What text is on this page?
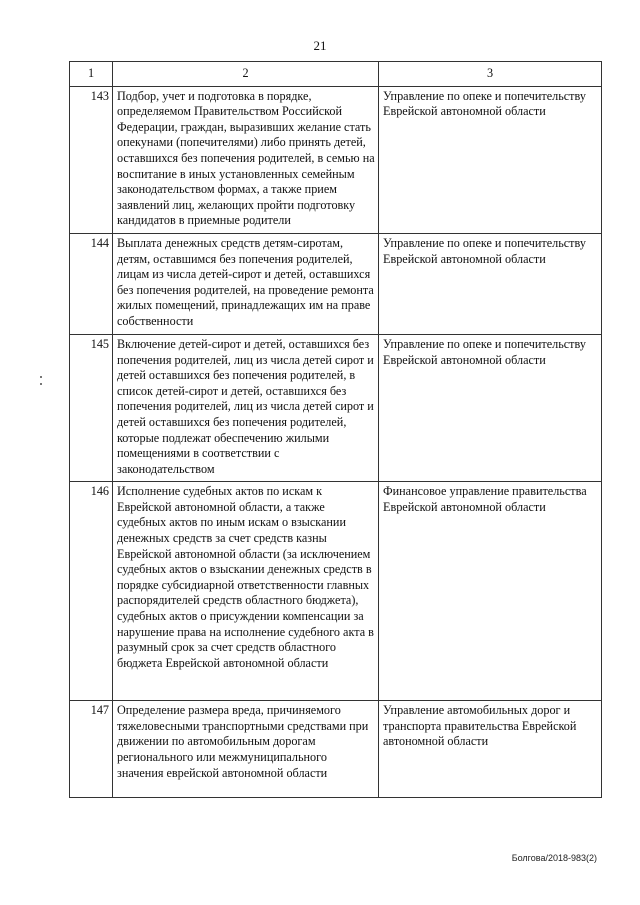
21
1	2	3
143	Подбор, учет и подготовка в порядке, определяемом Правительством Российской Федерации, граждан, выразивших желание стать опекунами (попечителями) либо принять детей, оставшихся без попечения родителей, в семью на воспитание в иных установленных семейным законодательством формах, а также прием заявлений лиц, желающих пройти подготовку кандидатов в приемные родители	Управление по опеке и попечительству Еврейской автономной области
144	Выплата денежных средств детям-сиротам, детям, оставшимся без попечения родителей, лицам из числа детей-сирот и детей, оставшихся без попечения родителей, на проведение ремонта жилых помещений, принадлежащих им на праве собственности	Управление по опеке и попечительству Еврейской автономной области
145	Включение детей-сирот и детей, оставшихся без попечения родителей, лиц из числа детей сирот и детей оставшихся без попечения родителей, в список детей-сирот и детей, оставшихся без попечения родителей, лиц из числа детей сирот и детей оставшихся без попечения родителей, которые подлежат обеспечению жилыми помещениями в соответствии с законодательством	Управление по опеке и попечительству Еврейской автономной области
146	Исполнение судебных актов по искам к Еврейской автономной области, а также судебных актов по иным искам о взыскании денежных средств за счет средств казны Еврейской автономной области (за исключением судебных актов о взыскании денежных средств в порядке субсидиарной ответственности главных распорядителей средств областного бюджета), судебных актов о присуждении компенсации за нарушение права на исполнение судебного акта в разумный срок за счет средств областного бюджета Еврейской автономной области	Финансовое управление правительства Еврейской автономной области
147	Определение размера вреда, причиняемого тяжеловесными транспортными средствами при движении по автомобильным дорогам регионального или межмуниципального значения еврейской автономной области	Управление автомобильных дорог и транспорта правительства Еврейской автономной области
Болгова/2018-983(2)
